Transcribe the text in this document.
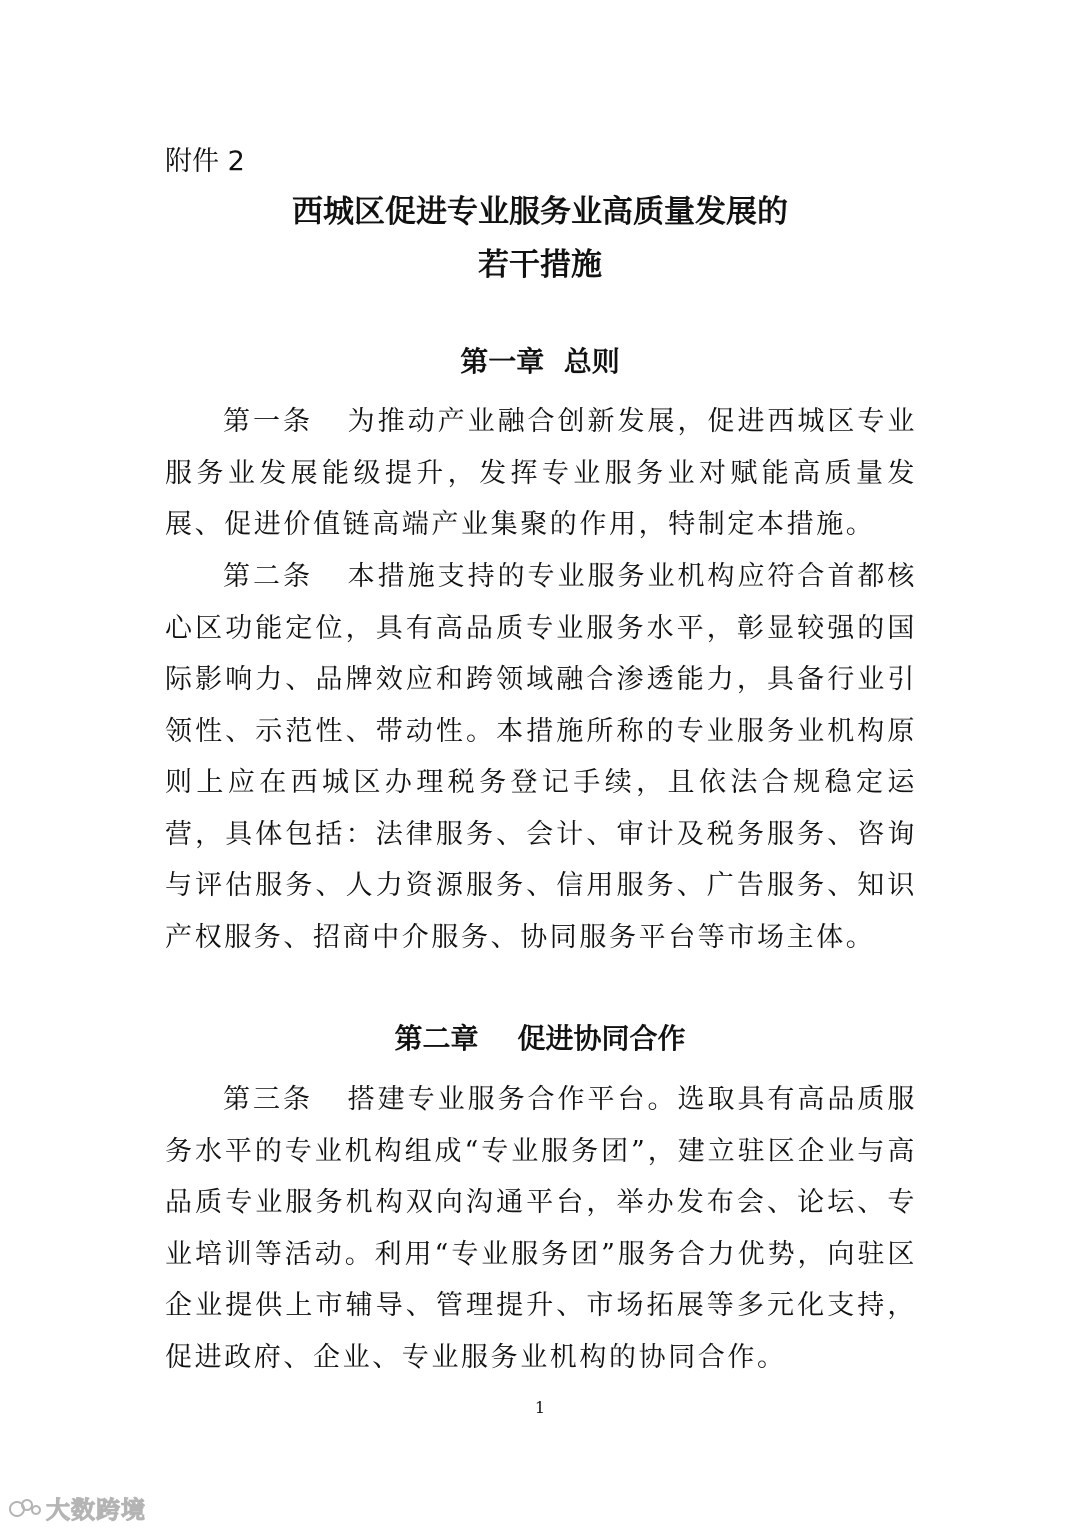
附件 2
西城区促进专业服务业高质量发展的
若干措施
第一章  总则

第一条 为推动产业融合创新发展，促进西城区专业服务业发展能级提升，发挥专业服务业对赋能高质量发展、促进价值链高端产业集聚的作用，特制定本措施。

第二条 本措施支持的专业服务业机构应符合首都核心区功能定位，具有高品质专业服务水平，彰显较强的国际影响力、品牌效应和跨领域融合渗透能力，具备行业引领性、示范性、带动性。本措施所称的专业服务业机构原则上应在西城区办理税务登记手续，且依法合规稳定运营，具体包括：法律服务、会计、审计及税务服务、咨询与评估服务、人力资源服务、信用服务、广告服务、知识产权服务、招商中介服务、协同服务平台等市场主体。

第二章    促进协同合作

第三条 搭建专业服务合作平台。选取具有高品质服务水平的专业机构组成“专业服务团”，建立驻区企业与高品质专业服务机构双向沟通平台，举办发布会、论坛、专业培训等活动。利用“专业服务团”服务合力优势，向驻区企业提供上市辅导、管理提升、市场拓展等多元化支持，促进政府、企业、专业服务业机构的协同合作。

1
大数跨境
